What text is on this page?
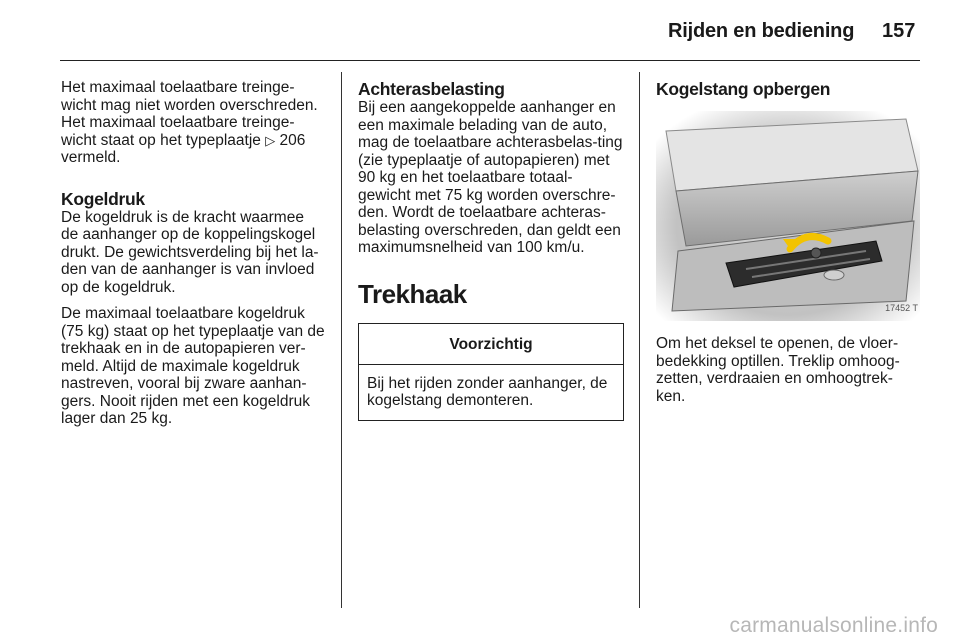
Rijden en bediening 157

Het maximaal toelaatbare treinge-wicht mag niet worden overschreden. Het maximaal toelaatbare treinge-wicht staat op het typeplaatje ▷ 206 vermeld.

Kogeldruk

De kogeldruk is de kracht waarmee de aanhanger op de koppelingskogel drukt. De gewichtsverdeling bij het la-den van de aanhanger is van invloed op de kogeldruk.

De maximaal toelaatbare kogeldruk (75 kg) staat op het typeplaatje van de trekhaak en in de autopapieren ver-meld. Altijd de maximale kogeldruk nastreven, vooral bij zware aanhan-gers. Nooit rijden met een kogeldruk lager dan 25 kg.

Achterasbelasting

Bij een aangekoppelde aanhanger en een maximale belading van de auto, mag de toelaatbare achterasbelas-ting (zie typeplaatje of autopapieren) met 90 kg en het toelaatbare totaal-gewicht met 75 kg worden overschre-den. Wordt de toelaatbare achteras-belasting overschreden, dan geldt een maximumsnelheid van 100 km/u.

Trekhaak
Voorzichtig
Bij het rijden zonder aanhanger, de kogelstang demonteren.
Kogelstang opbergen
17452 T

Om het deksel te openen, de vloer-bedekking optillen. Treklip omhoog-zetten, verdraaien en omhoogtrek-ken.

carmanualsonline.info
